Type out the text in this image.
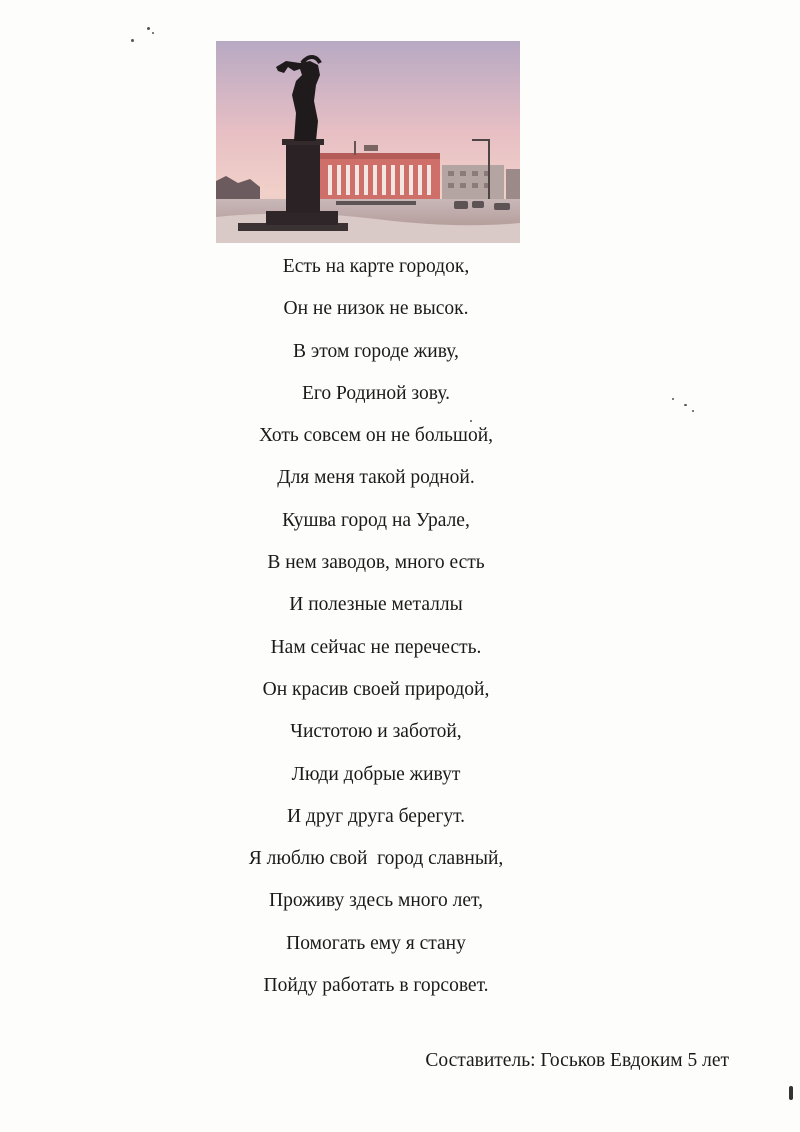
Есть на карте городок,
Он не низок не высок.
В этом городе живу,
Его Родиной зову.
Хоть совсем он не большой,
Для меня такой родной.
Кушва город на Урале,
В нем заводов, много есть
И полезные металлы
Нам сейчас не перечесть.
Он красив своей природой,
Чистотою и заботой,
Люди добрые живут
И друг друга берегут.
Я люблю свой  город славный,
Проживу здесь много лет,
Помогать ему я стану
Пойду работать в горсовет.
Составитель: Госьков Евдоким 5 лет
